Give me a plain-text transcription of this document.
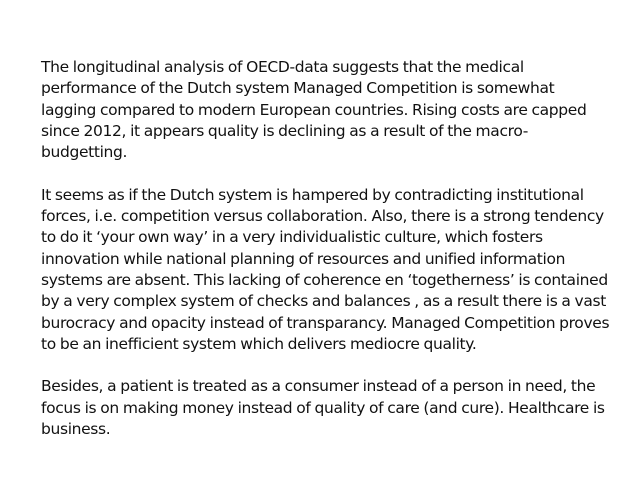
The longitudinal analysis of OECD-data suggests that the medical
performance of the Dutch system Managed Competition is somewhat
lagging compared to modern European countries. Rising costs are capped
since 2012, it appears quality is declining as a result of the macro-
budgetting.

It seems as if the Dutch system is hampered by contradicting institutional
forces, i.e. competition versus collaboration. Also, there is a strong tendency
to do it ‘your own way’ in a very individualistic culture, which fosters
innovation while national planning of resources and unified information
systems are absent. This lacking of coherence en ‘togetherness’ is contained
by a very complex system of checks and balances , as a result there is a vast
burocracy and opacity instead of transparancy. Managed Competition proves
to be an inefficient system which delivers mediocre quality.

Besides, a patient is treated as a consumer instead of a person in need, the
focus is on making money instead of quality of care (and cure). Healthcare is
business.
